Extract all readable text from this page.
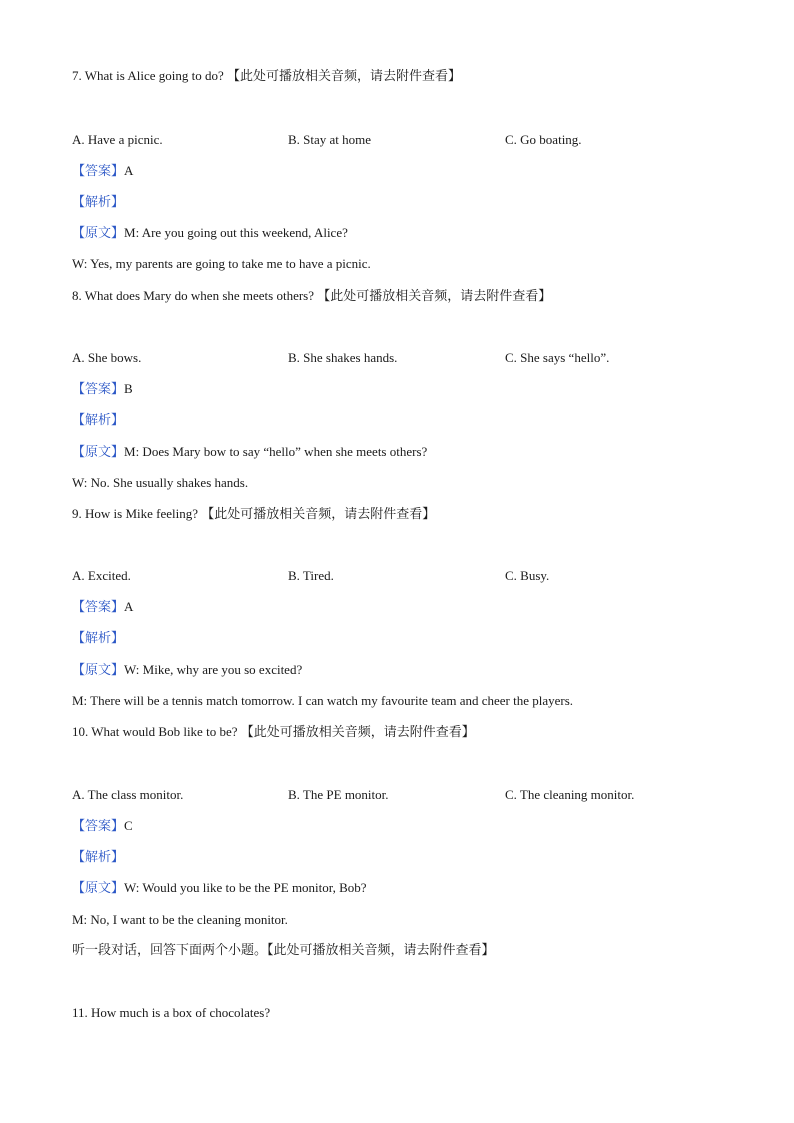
7. What is Alice going to do? 【此处可播放相关音频，请去附件查看】
A. Have a picnic.	B. Stay at home	C. Go boating.
【答案】A
【解析】
【原文】M: Are you going out this weekend, Alice?
W: Yes, my parents are going to take me to have a picnic.
8. What does Mary do when she meets others? 【此处可播放相关音频，请去附件查看】
A. She bows.	B. She shakes hands.	C. She says “hello”.
【答案】B
【解析】
【原文】M: Does Mary bow to say “hello” when she meets others?
W: No. She usually shakes hands.
9. How is Mike feeling? 【此处可播放相关音频，请去附件查看】
A. Excited.	B. Tired.	C. Busy.
【答案】A
【解析】
【原文】W: Mike, why are you so excited?
M: There will be a tennis match tomorrow. I can watch my favourite team and cheer the players.
10. What would Bob like to be? 【此处可播放相关音频，请去附件查看】
A. The class monitor.	B. The PE monitor.	C. The cleaning monitor.
【答案】C
【解析】
【原文】W: Would you like to be the PE monitor, Bob?
M: No, I want to be the cleaning monitor.
听一段对话，回答下面两个小题。【此处可播放相关音频，请去附件查看】
11. How much is a box of chocolates?
